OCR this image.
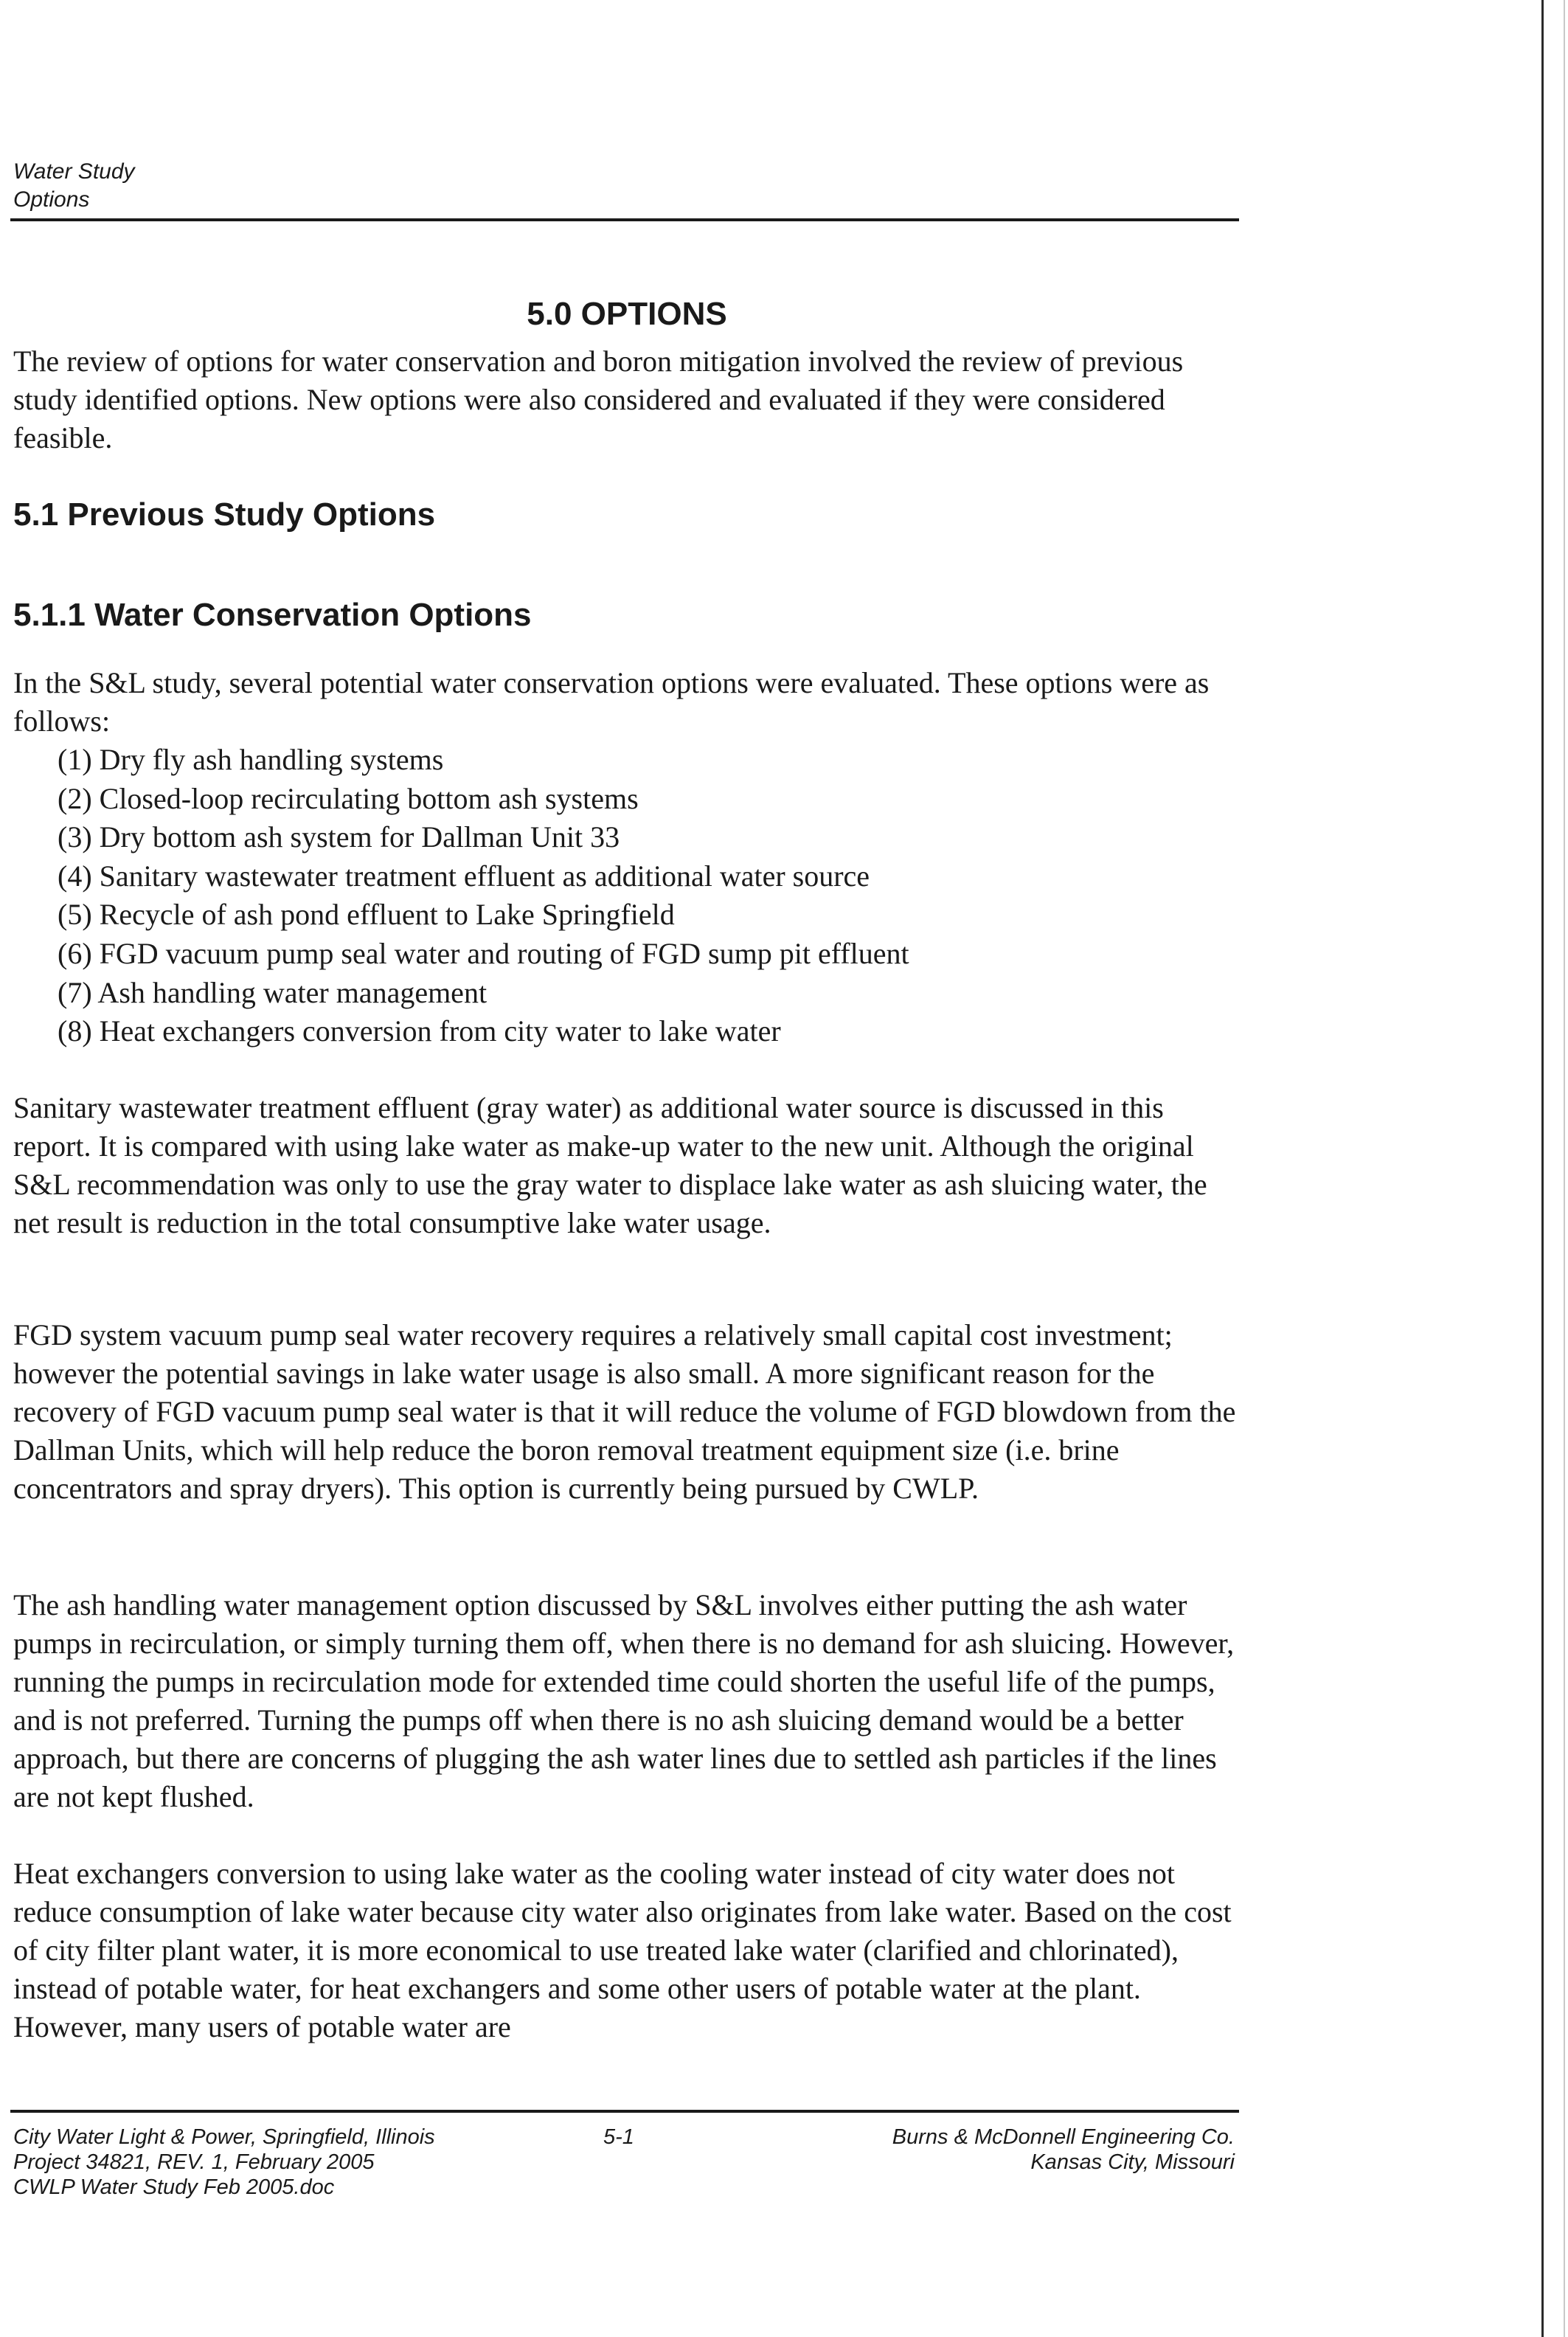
Water Study
Options
5.0 OPTIONS
The review of options for water conservation and boron mitigation involved the review of previous study identified options. New options were also considered and evaluated if they were considered feasible.
5.1 Previous Study Options
5.1.1 Water Conservation Options
In the S&L study, several potential water conservation options were evaluated. These options were as follows:
(1) Dry fly ash handling systems
(2) Closed-loop recirculating bottom ash systems
(3) Dry bottom ash system for Dallman Unit 33
(4) Sanitary wastewater treatment effluent as additional water source
(5) Recycle of ash pond effluent to Lake Springfield
(6) FGD vacuum pump seal water and routing of FGD sump pit effluent
(7) Ash handling water management
(8) Heat exchangers conversion from city water to lake water
Sanitary wastewater treatment effluent (gray water) as additional water source is discussed in this report. It is compared with using lake water as make-up water to the new unit. Although the original S&L recommendation was only to use the gray water to displace lake water as ash sluicing water, the net result is reduction in the total consumptive lake water usage.
FGD system vacuum pump seal water recovery requires a relatively small capital cost investment; however the potential savings in lake water usage is also small. A more significant reason for the recovery of FGD vacuum pump seal water is that it will reduce the volume of FGD blowdown from the Dallman Units, which will help reduce the boron removal treatment equipment size (i.e. brine concentrators and spray dryers). This option is currently being pursued by CWLP.
The ash handling water management option discussed by S&L involves either putting the ash water pumps in recirculation, or simply turning them off, when there is no demand for ash sluicing. However, running the pumps in recirculation mode for extended time could shorten the useful life of the pumps, and is not preferred. Turning the pumps off when there is no ash sluicing demand would be a better approach, but there are concerns of plugging the ash water lines due to settled ash particles if the lines are not kept flushed.
Heat exchangers conversion to using lake water as the cooling water instead of city water does not reduce consumption of lake water because city water also originates from lake water. Based on the cost of city filter plant water, it is more economical to use treated lake water (clarified and chlorinated), instead of potable water, for heat exchangers and some other users of potable water at the plant. However, many users of potable water are
City Water Light & Power, Springfield, Illinois
Project 34821, REV. 1, February 2005
CWLP Water Study Feb 2005.doc
5-1	Burns & McDonnell Engineering Co.
Kansas City, Missouri
